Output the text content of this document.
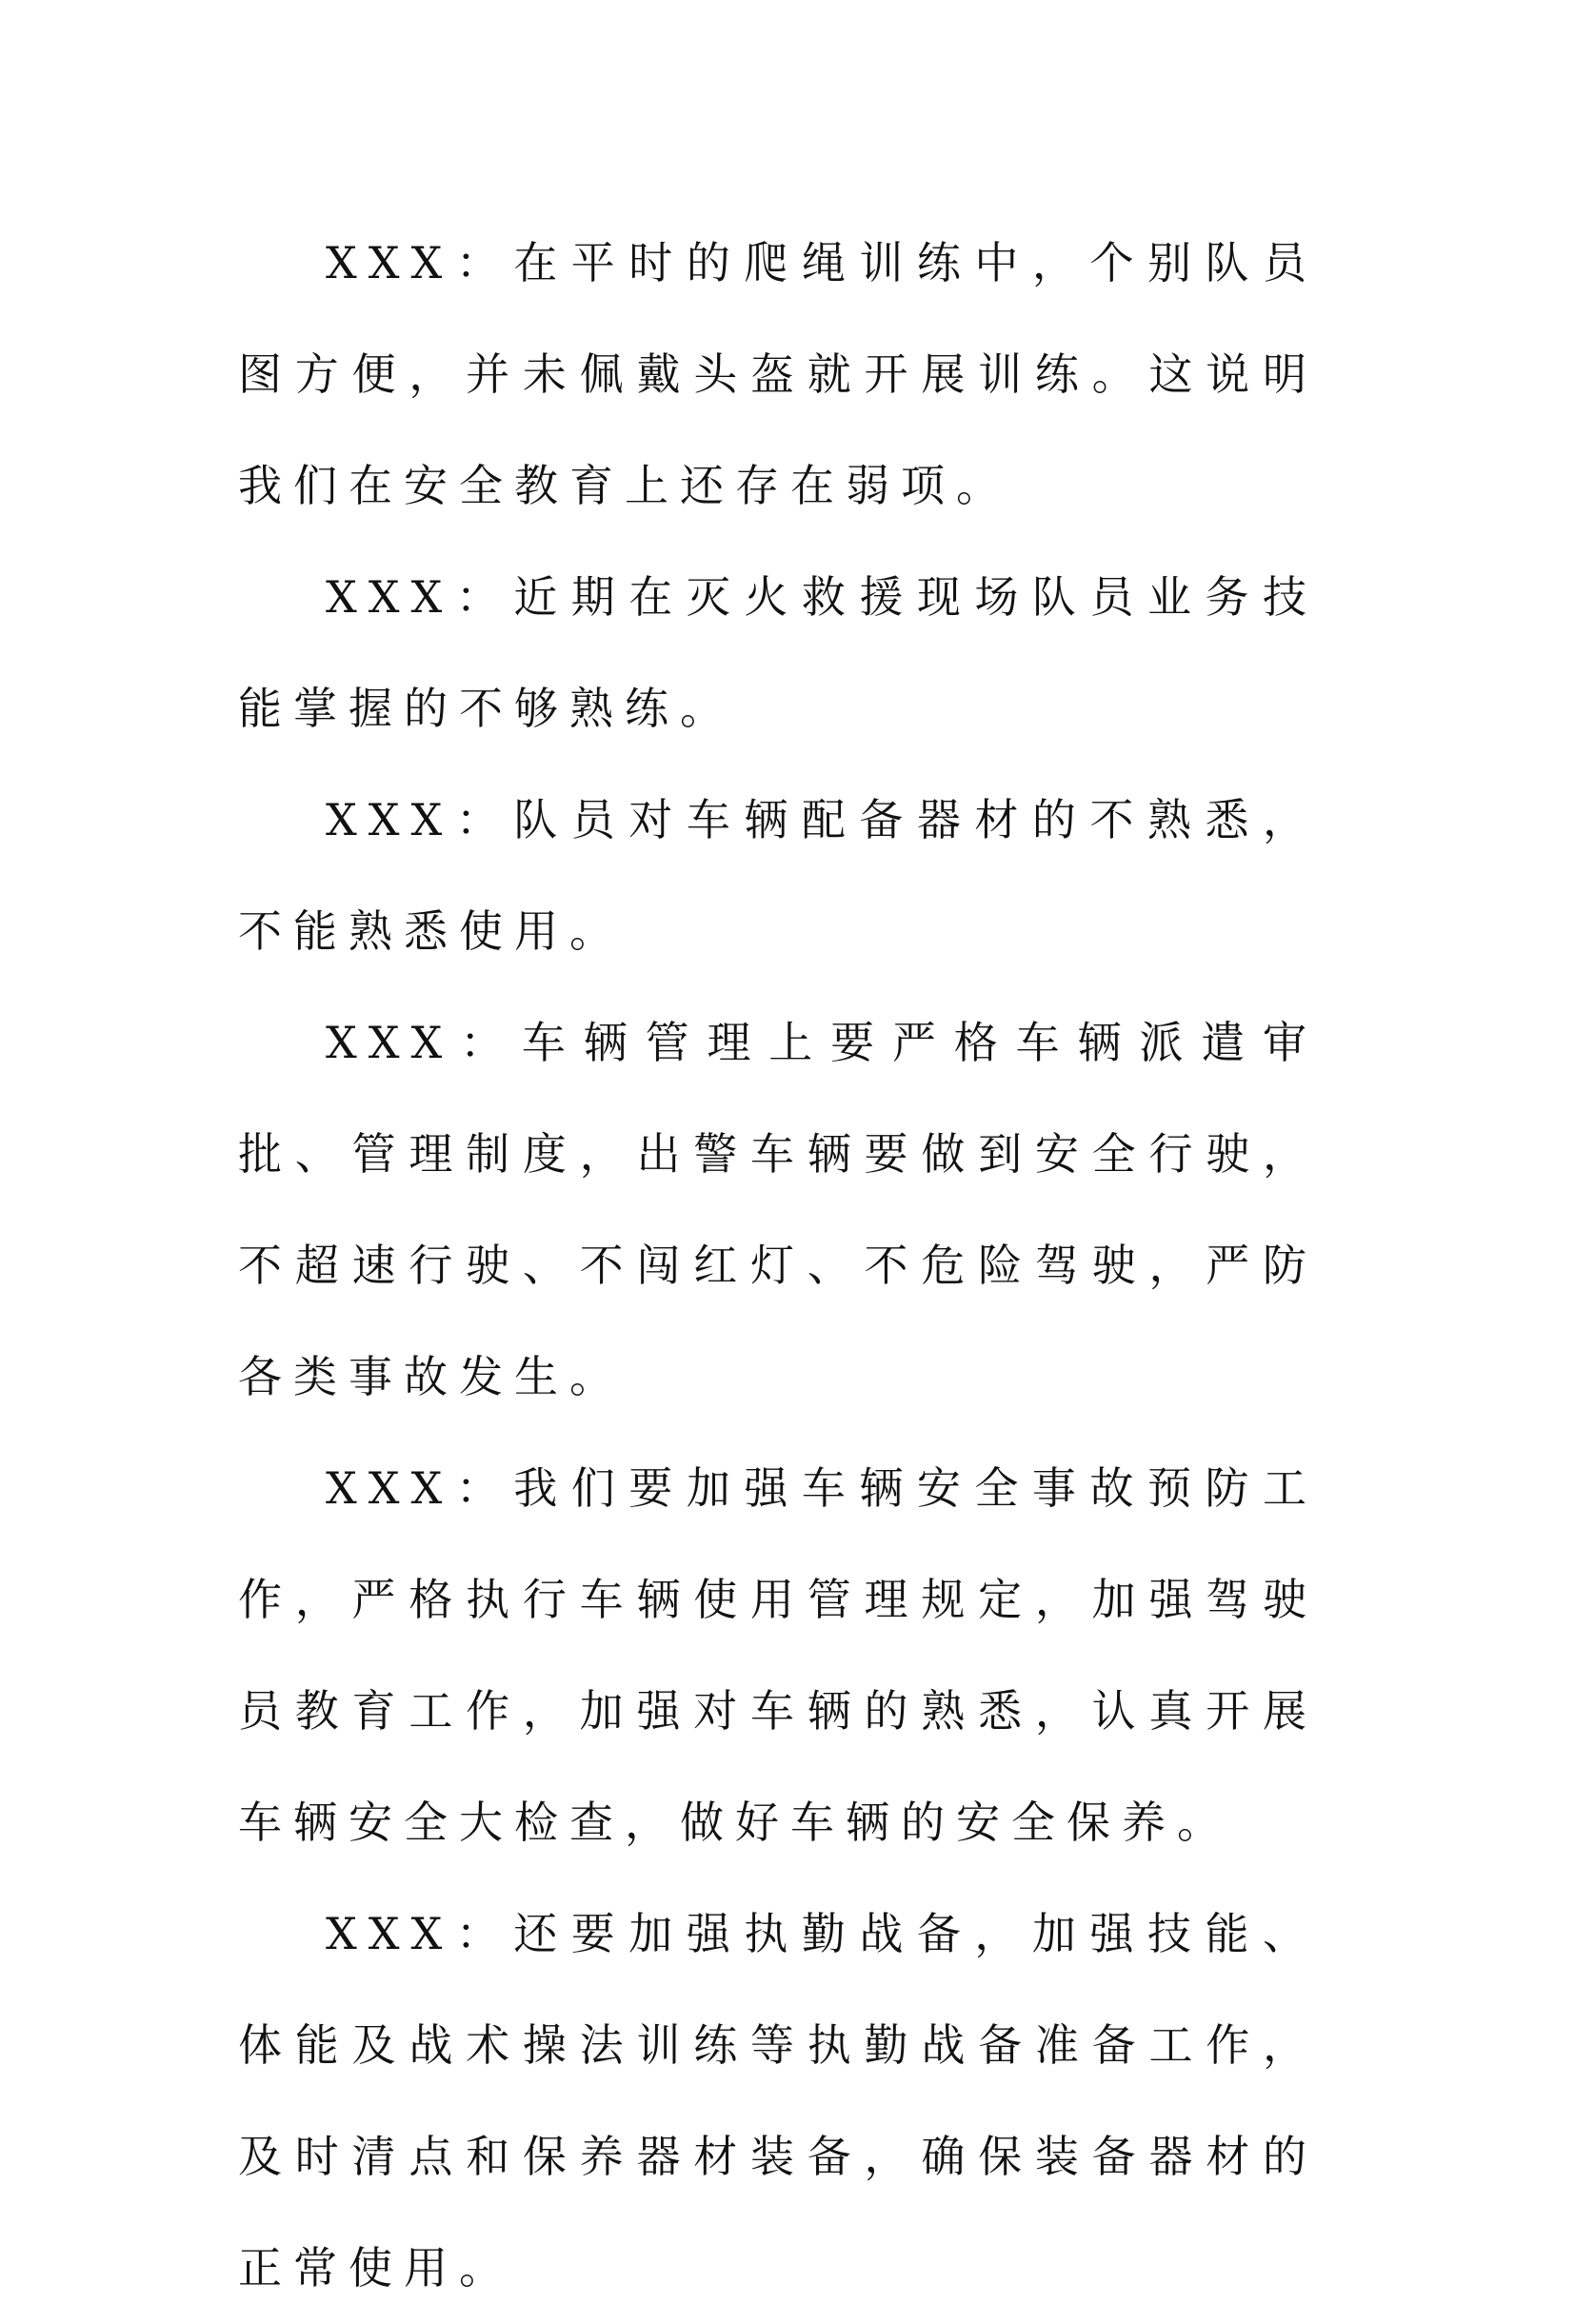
XXX：在平时的爬绳训练中，个别队员图方便，并未佩戴头盔就开展训练。这说明我们在安全教育上还存在弱项。

XXX：近期在灭火救援现场队员业务技能掌握的不够熟练。

XXX：队员对车辆配备器材的不熟悉，不能熟悉使用。

XXX：车辆管理上要严格车辆派遣审批、管理制度，出警车辆要做到安全行驶，不超速行驶、不闯红灯、不危险驾驶，严防各类事故发生。

XXX：我们要加强车辆安全事故预防工作，严格执行车辆使用管理规定，加强驾驶员教育工作，加强对车辆的熟悉，认真开展车辆安全大检查，做好车辆的安全保养。

XXX：还要加强执勤战备，加强技能、体能及战术操法训练等执勤战备准备工作，及时清点和保养器材装备，确保装备器材的正常使用。
